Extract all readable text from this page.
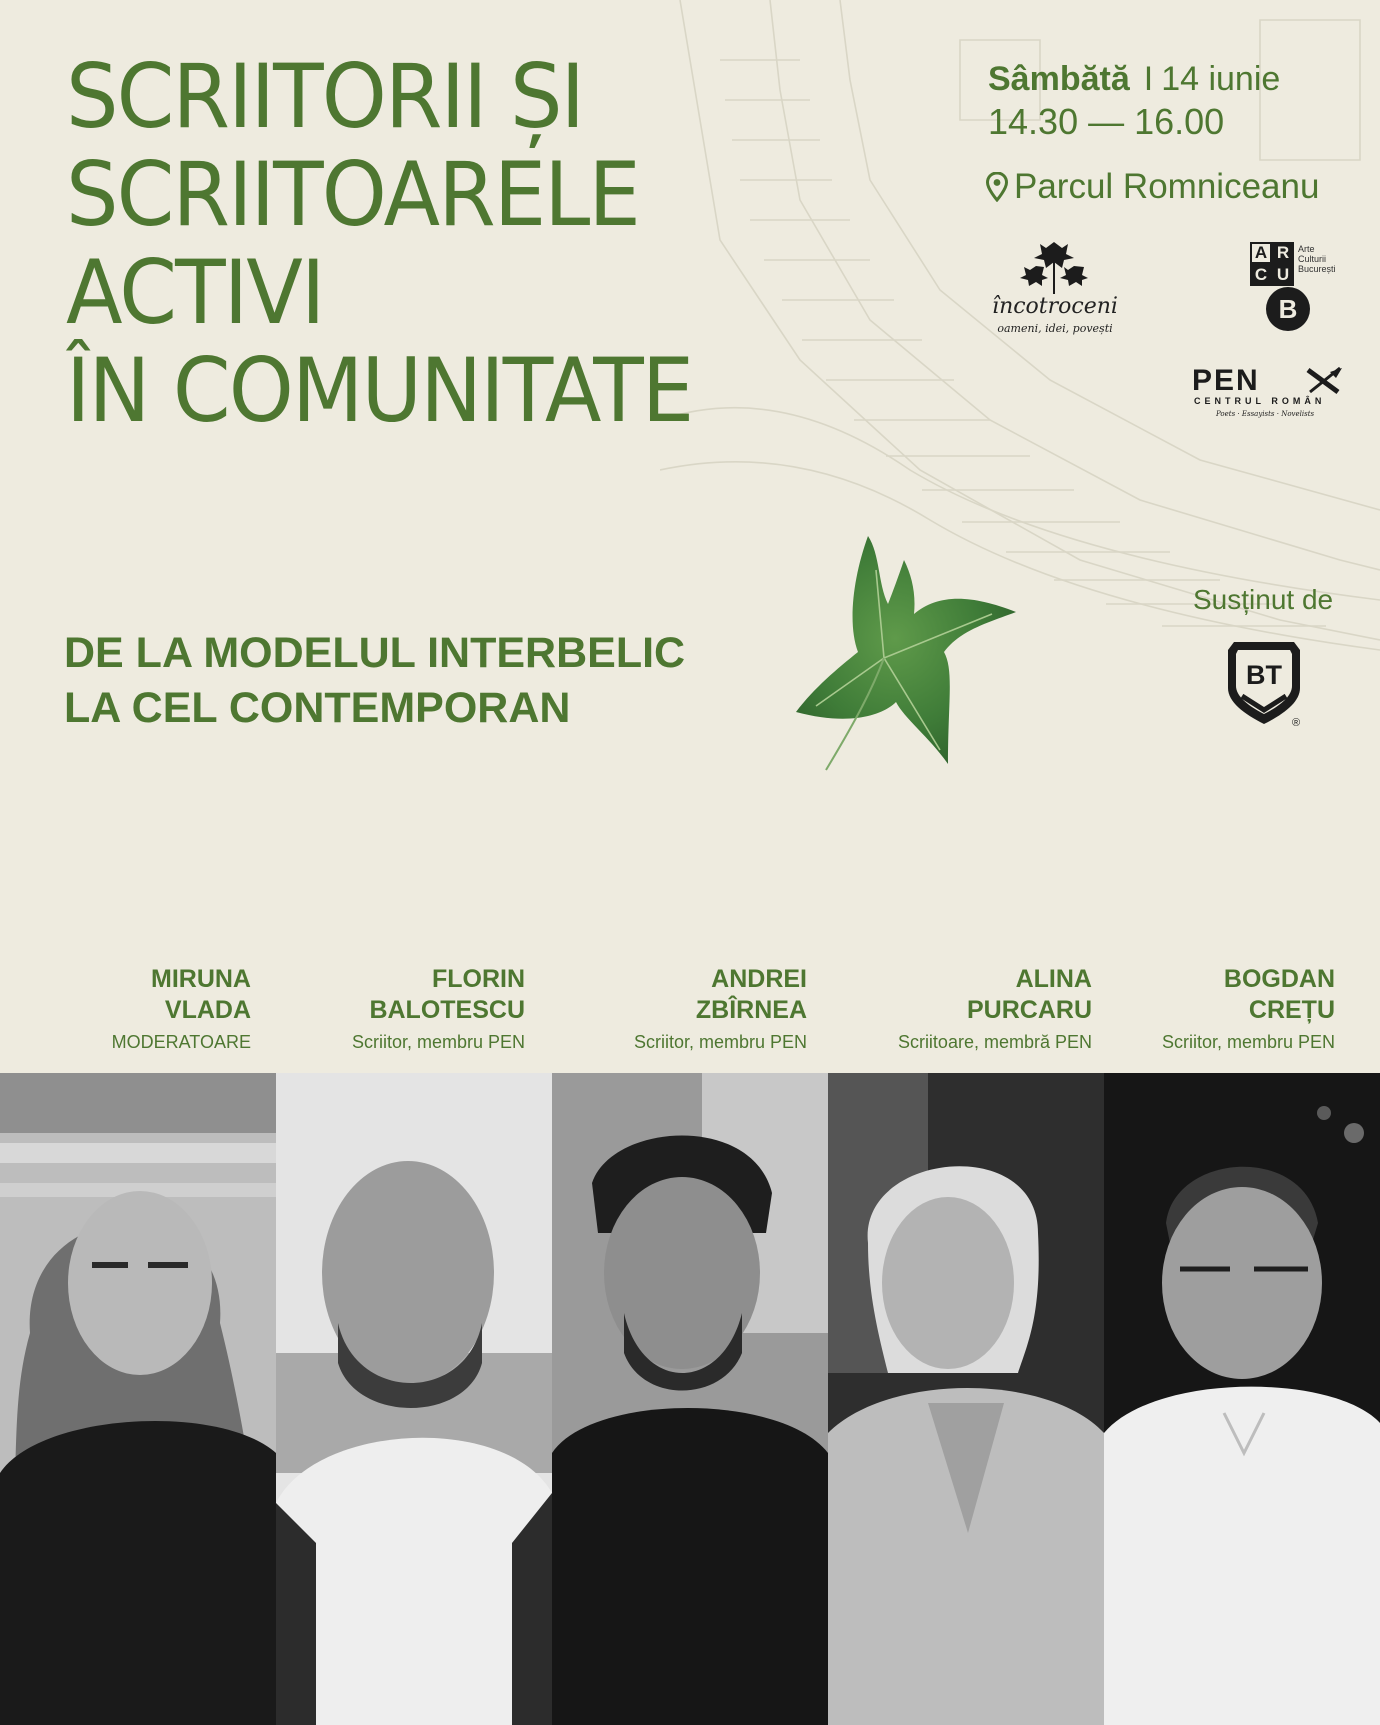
SCRIITORII ȘI
SCRIITOARELE
ACTIVI
ÎN COMUNITATE
DE LA MODELUL INTERBELIC
LA CEL CONTEMPORAN
Sâmbătă I 14 iunie
14.30 — 16.00
Parcul Romniceanu
încotroceni
oameni, idei, povești
A R
C U
B
Arte
Culturii
București
PEN
CENTRUL ROMÂN
Poets · Essayists · Novelists
Susținut de
BT
®
MIRUNA
VLADA
MODERATOARE
FLORIN
BALOTESCU
Scriitor, membru PEN
ANDREI
ZBÎRNEA
Scriitor, membru PEN
ALINA
PURCARU
Scriitoare, membră PEN
BOGDAN
CREȚU
Scriitor, membru PEN
